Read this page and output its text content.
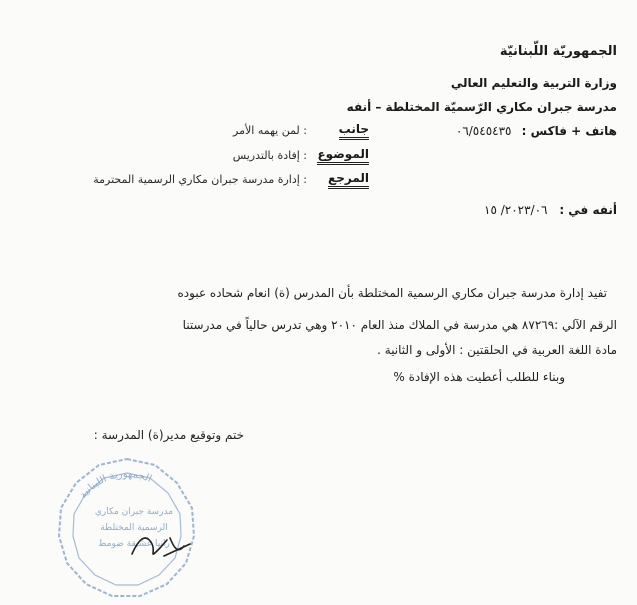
الجمهوريّة اللّبنانيّة
وزارة التربية والتعليم العالي
مدرسة جبران مكاري الرّسميّة المختلطة – أنفه
هاتف + فاكس : ٠٦/٥٤٥٤٣٥
جانب
: لمن يهمه الأمر
الموضوع
: إفادة بالتدريس
المرجع
: إدارة مدرسة جبران مكاري الرسمية المحترمة
أنفه في : ٢٠٢٣/٠٦/ ١٥
تفيد إدارة مدرسة جبران مكاري الرسمية المختلطة بأن المدرس (ة) انعام شحاده عبوده
الرقم الآلي :٨٧٢٦٩ هي مدرسة في الملاك منذ العام ٢٠١٠ وهي تدرس حالياً في مدرستنا
مادة اللغة العربية في الحلقتين : الأولى و الثانية .
وبناء للطلب أعطيت هذه الإفادة %
ختم وتوقيع مدير(ة) المدرسة :
الجمهورية اللبنانية
مدرسة جبران مكاري
الرسمية المختلطة
رانيا عشيقة ضومط
